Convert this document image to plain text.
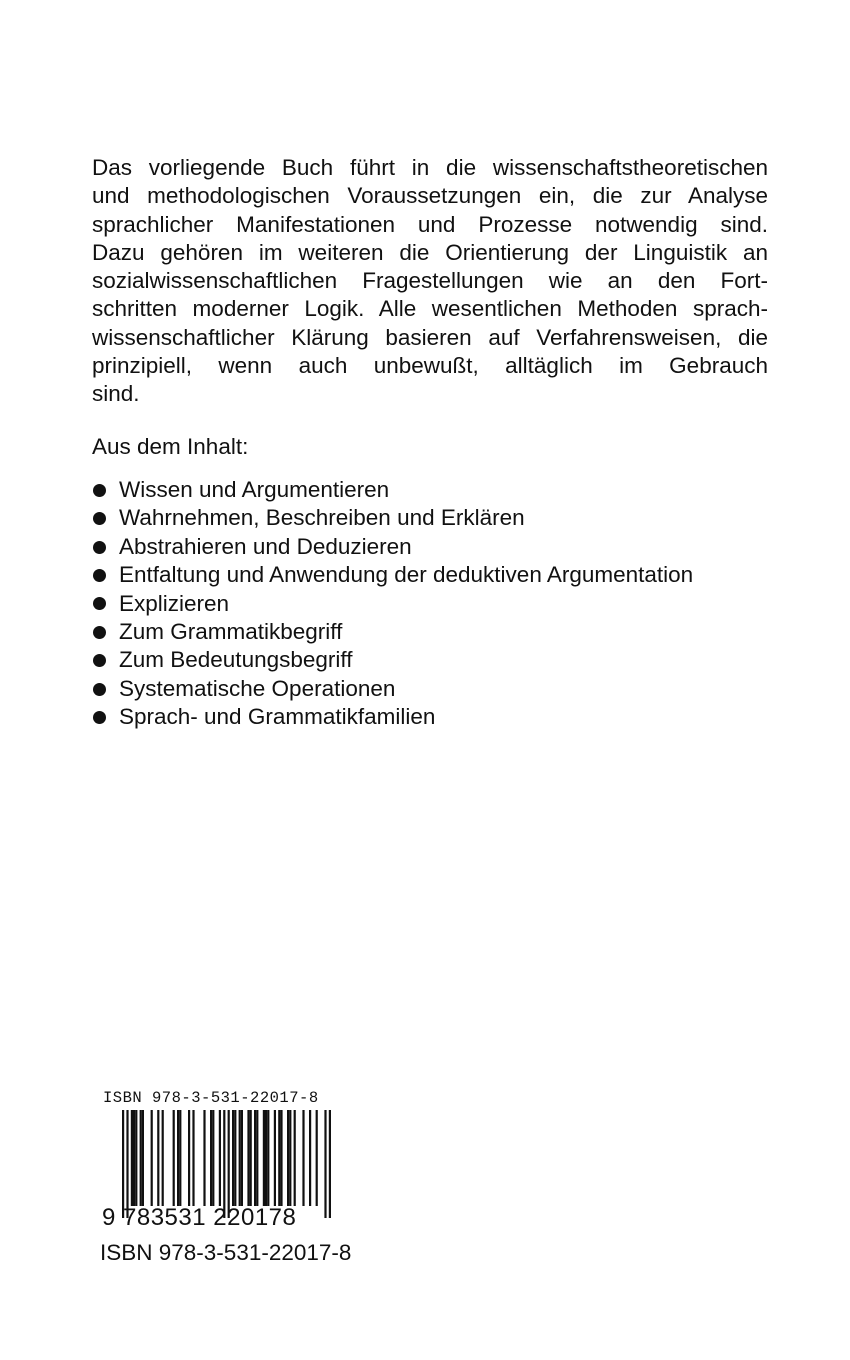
Das vorliegende Buch führt in die wissenschaftstheoretischen
und methodologischen Voraussetzungen ein, die zur Analyse
sprachlicher Manifestationen und Prozesse notwendig sind.
Dazu gehören im weiteren die Orientierung der Linguistik an
sozialwissenschaftlichen Fragestellungen wie an den Fort-
schritten moderner Logik. Alle wesentlichen Methoden sprach-
wissenschaftlicher Klärung basieren auf Verfahrensweisen, die
prinzipiell, wenn auch unbewußt, alltäglich im Gebrauch
sind.
Aus dem Inhalt:
Wissen und Argumentieren
Wahrnehmen, Beschreiben und Erklären
Abstrahieren und Deduzieren
Entfaltung und Anwendung der deduktiven Argumentation
Explizieren
Zum Grammatikbegriff
Zum Bedeutungsbegriff
Systematische Operationen
Sprach- und Grammatikfamilien

ISBN 978-3-531-22017-8

9 783531 220178

ISBN 978-3-531-22017-8
